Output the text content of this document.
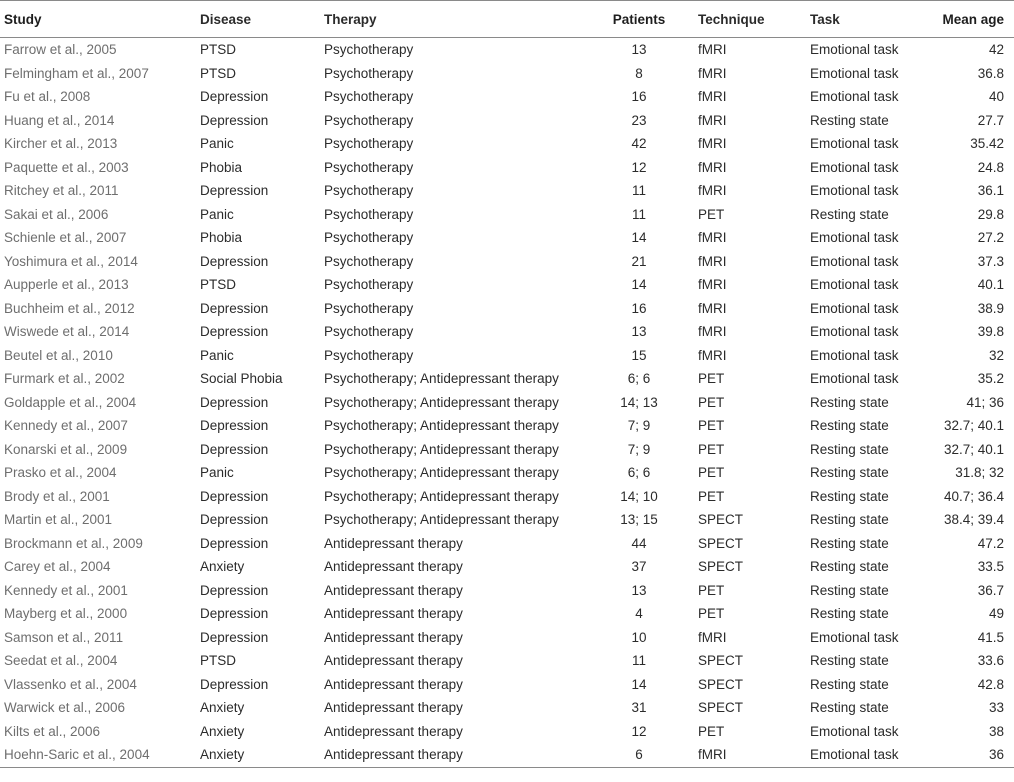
Study	Disease	Therapy	Patients	Technique	Task	Mean age
Farrow et al., 2005	PTSD	Psychotherapy	13	fMRI	Emotional task	42
Felmingham et al., 2007	PTSD	Psychotherapy	8	fMRI	Emotional task	36.8
Fu et al., 2008	Depression	Psychotherapy	16	fMRI	Emotional task	40
Huang et al., 2014	Depression	Psychotherapy	23	fMRI	Resting state	27.7
Kircher et al., 2013	Panic	Psychotherapy	42	fMRI	Emotional task	35.42
Paquette et al., 2003	Phobia	Psychotherapy	12	fMRI	Emotional task	24.8
Ritchey et al., 2011	Depression	Psychotherapy	11	fMRI	Emotional task	36.1
Sakai et al., 2006	Panic	Psychotherapy	11	PET	Resting state	29.8
Schienle et al., 2007	Phobia	Psychotherapy	14	fMRI	Emotional task	27.2
Yoshimura et al., 2014	Depression	Psychotherapy	21	fMRI	Emotional task	37.3
Aupperle et al., 2013	PTSD	Psychotherapy	14	fMRI	Emotional task	40.1
Buchheim et al., 2012	Depression	Psychotherapy	16	fMRI	Emotional task	38.9
Wiswede et al., 2014	Depression	Psychotherapy	13	fMRI	Emotional task	39.8
Beutel et al., 2010	Panic	Psychotherapy	15	fMRI	Emotional task	32
Furmark et al., 2002	Social Phobia	Psychotherapy; Antidepressant therapy	6; 6	PET	Emotional task	35.2
Goldapple et al., 2004	Depression	Psychotherapy; Antidepressant therapy	14; 13	PET	Resting state	41; 36
Kennedy et al., 2007	Depression	Psychotherapy; Antidepressant therapy	7; 9	PET	Resting state	32.7; 40.1
Konarski et al., 2009	Depression	Psychotherapy; Antidepressant therapy	7; 9	PET	Resting state	32.7; 40.1
Prasko et al., 2004	Panic	Psychotherapy; Antidepressant therapy	6; 6	PET	Resting state	31.8; 32
Brody et al., 2001	Depression	Psychotherapy; Antidepressant therapy	14; 10	PET	Resting state	40.7; 36.4
Martin et al., 2001	Depression	Psychotherapy; Antidepressant therapy	13; 15	SPECT	Resting state	38.4; 39.4
Brockmann et al., 2009	Depression	Antidepressant therapy	44	SPECT	Resting state	47.2
Carey et al., 2004	Anxiety	Antidepressant therapy	37	SPECT	Resting state	33.5
Kennedy et al., 2001	Depression	Antidepressant therapy	13	PET	Resting state	36.7
Mayberg et al., 2000	Depression	Antidepressant therapy	4	PET	Resting state	49
Samson et al., 2011	Depression	Antidepressant therapy	10	fMRI	Emotional task	41.5
Seedat et al., 2004	PTSD	Antidepressant therapy	11	SPECT	Resting state	33.6
Vlassenko et al., 2004	Depression	Antidepressant therapy	14	SPECT	Resting state	42.8
Warwick et al., 2006	Anxiety	Antidepressant therapy	31	SPECT	Resting state	33
Kilts et al., 2006	Anxiety	Antidepressant therapy	12	PET	Emotional task	38
Hoehn-Saric et al., 2004	Anxiety	Antidepressant therapy	6	fMRI	Emotional task	36
